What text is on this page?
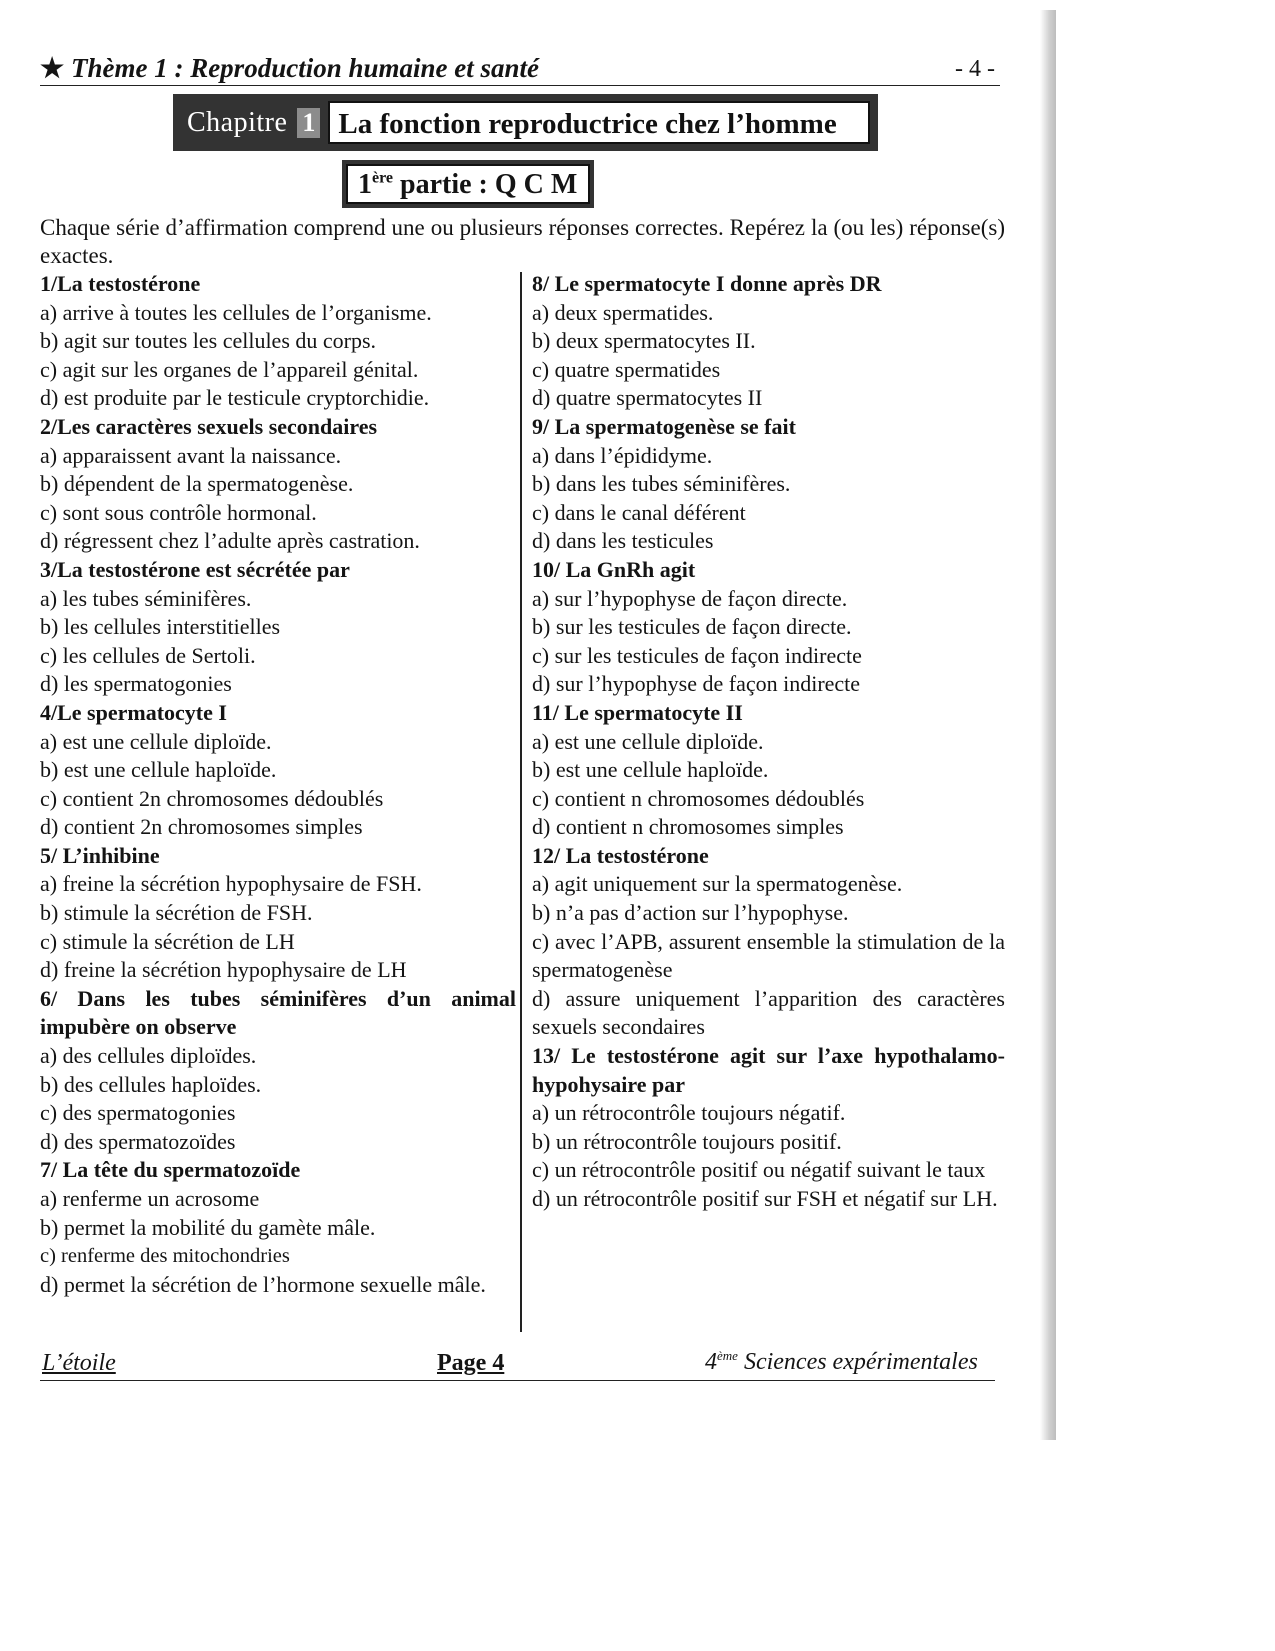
★ Thème 1 : Reproduction humaine et santé	- 4 -
Chapitre 1 La fonction reproductrice chez l’homme
1ère partie : Q C M
Chaque série d’affirmation comprend une ou plusieurs réponses correctes. Repérez la (ou les) réponse(s) exactes.
1/La testostérone
a) arrive à toutes les cellules de l’organisme.
b) agit sur toutes les cellules du corps.
c) agit sur les organes de l’appareil génital.
d) est produite par le testicule cryptorchidie.
2/Les caractères sexuels secondaires
a) apparaissent avant la naissance.
b) dépendent de la spermatogenèse.
c) sont sous contrôle hormonal.
d) régressent chez l’adulte après castration.
3/La testostérone est sécrétée par
a) les tubes séminifères.
b) les cellules interstitielles
c) les cellules de Sertoli.
d) les spermatogonies
4/Le spermatocyte I
a) est une cellule diploïde.
b) est une cellule haploïde.
c) contient 2n chromosomes dédoublés
d) contient 2n chromosomes simples
5/ L’inhibine
a) freine la sécrétion hypophysaire de FSH.
b) stimule la sécrétion de FSH.
c) stimule la sécrétion de LH
d) freine la sécrétion hypophysaire de LH
6/ Dans les tubes séminifères d’un animal impubère on observe
a) des cellules diploïdes.
b) des cellules haploïdes.
c) des spermatogonies
d) des spermatozoïdes
7/ La tête du spermatozoïde
a) renferme un acrosome
b) permet la mobilité du gamète mâle.
c) renferme des mitochondries
d) permet la sécrétion de l’hormone sexuelle mâle.
8/ Le spermatocyte I donne après DR
a) deux spermatides.
b) deux spermatocytes II.
c) quatre spermatides
d) quatre spermatocytes II
9/ La spermatogenèse se fait
a) dans l’épididyme.
b) dans les tubes séminifères.
c) dans le canal déférent
d) dans les testicules
10/ La GnRh agit
a) sur l’hypophyse de façon directe.
b) sur les testicules de façon directe.
c) sur les testicules de façon indirecte
d) sur l’hypophyse de façon indirecte
11/ Le spermatocyte II
a) est une cellule diploïde.
b) est une cellule haploïde.
c) contient n chromosomes dédoublés
d) contient n chromosomes simples
12/ La testostérone
a) agit uniquement sur la spermatogenèse.
b) n’a pas d’action sur l’hypophyse.
c) avec l’APB, assurent ensemble la stimulation de la spermatogenèse
d) assure uniquement l’apparition des caractères sexuels secondaires
13/ Le testostérone agit sur l’axe hypothalamo-hypohysaire par
a) un rétrocontrôle toujours négatif.
b) un rétrocontrôle toujours positif.
c) un rétrocontrôle positif ou négatif suivant le taux
d) un rétrocontrôle positif sur FSH et négatif sur LH.
L’étoile	Page 4	4ème Sciences expérimentales
